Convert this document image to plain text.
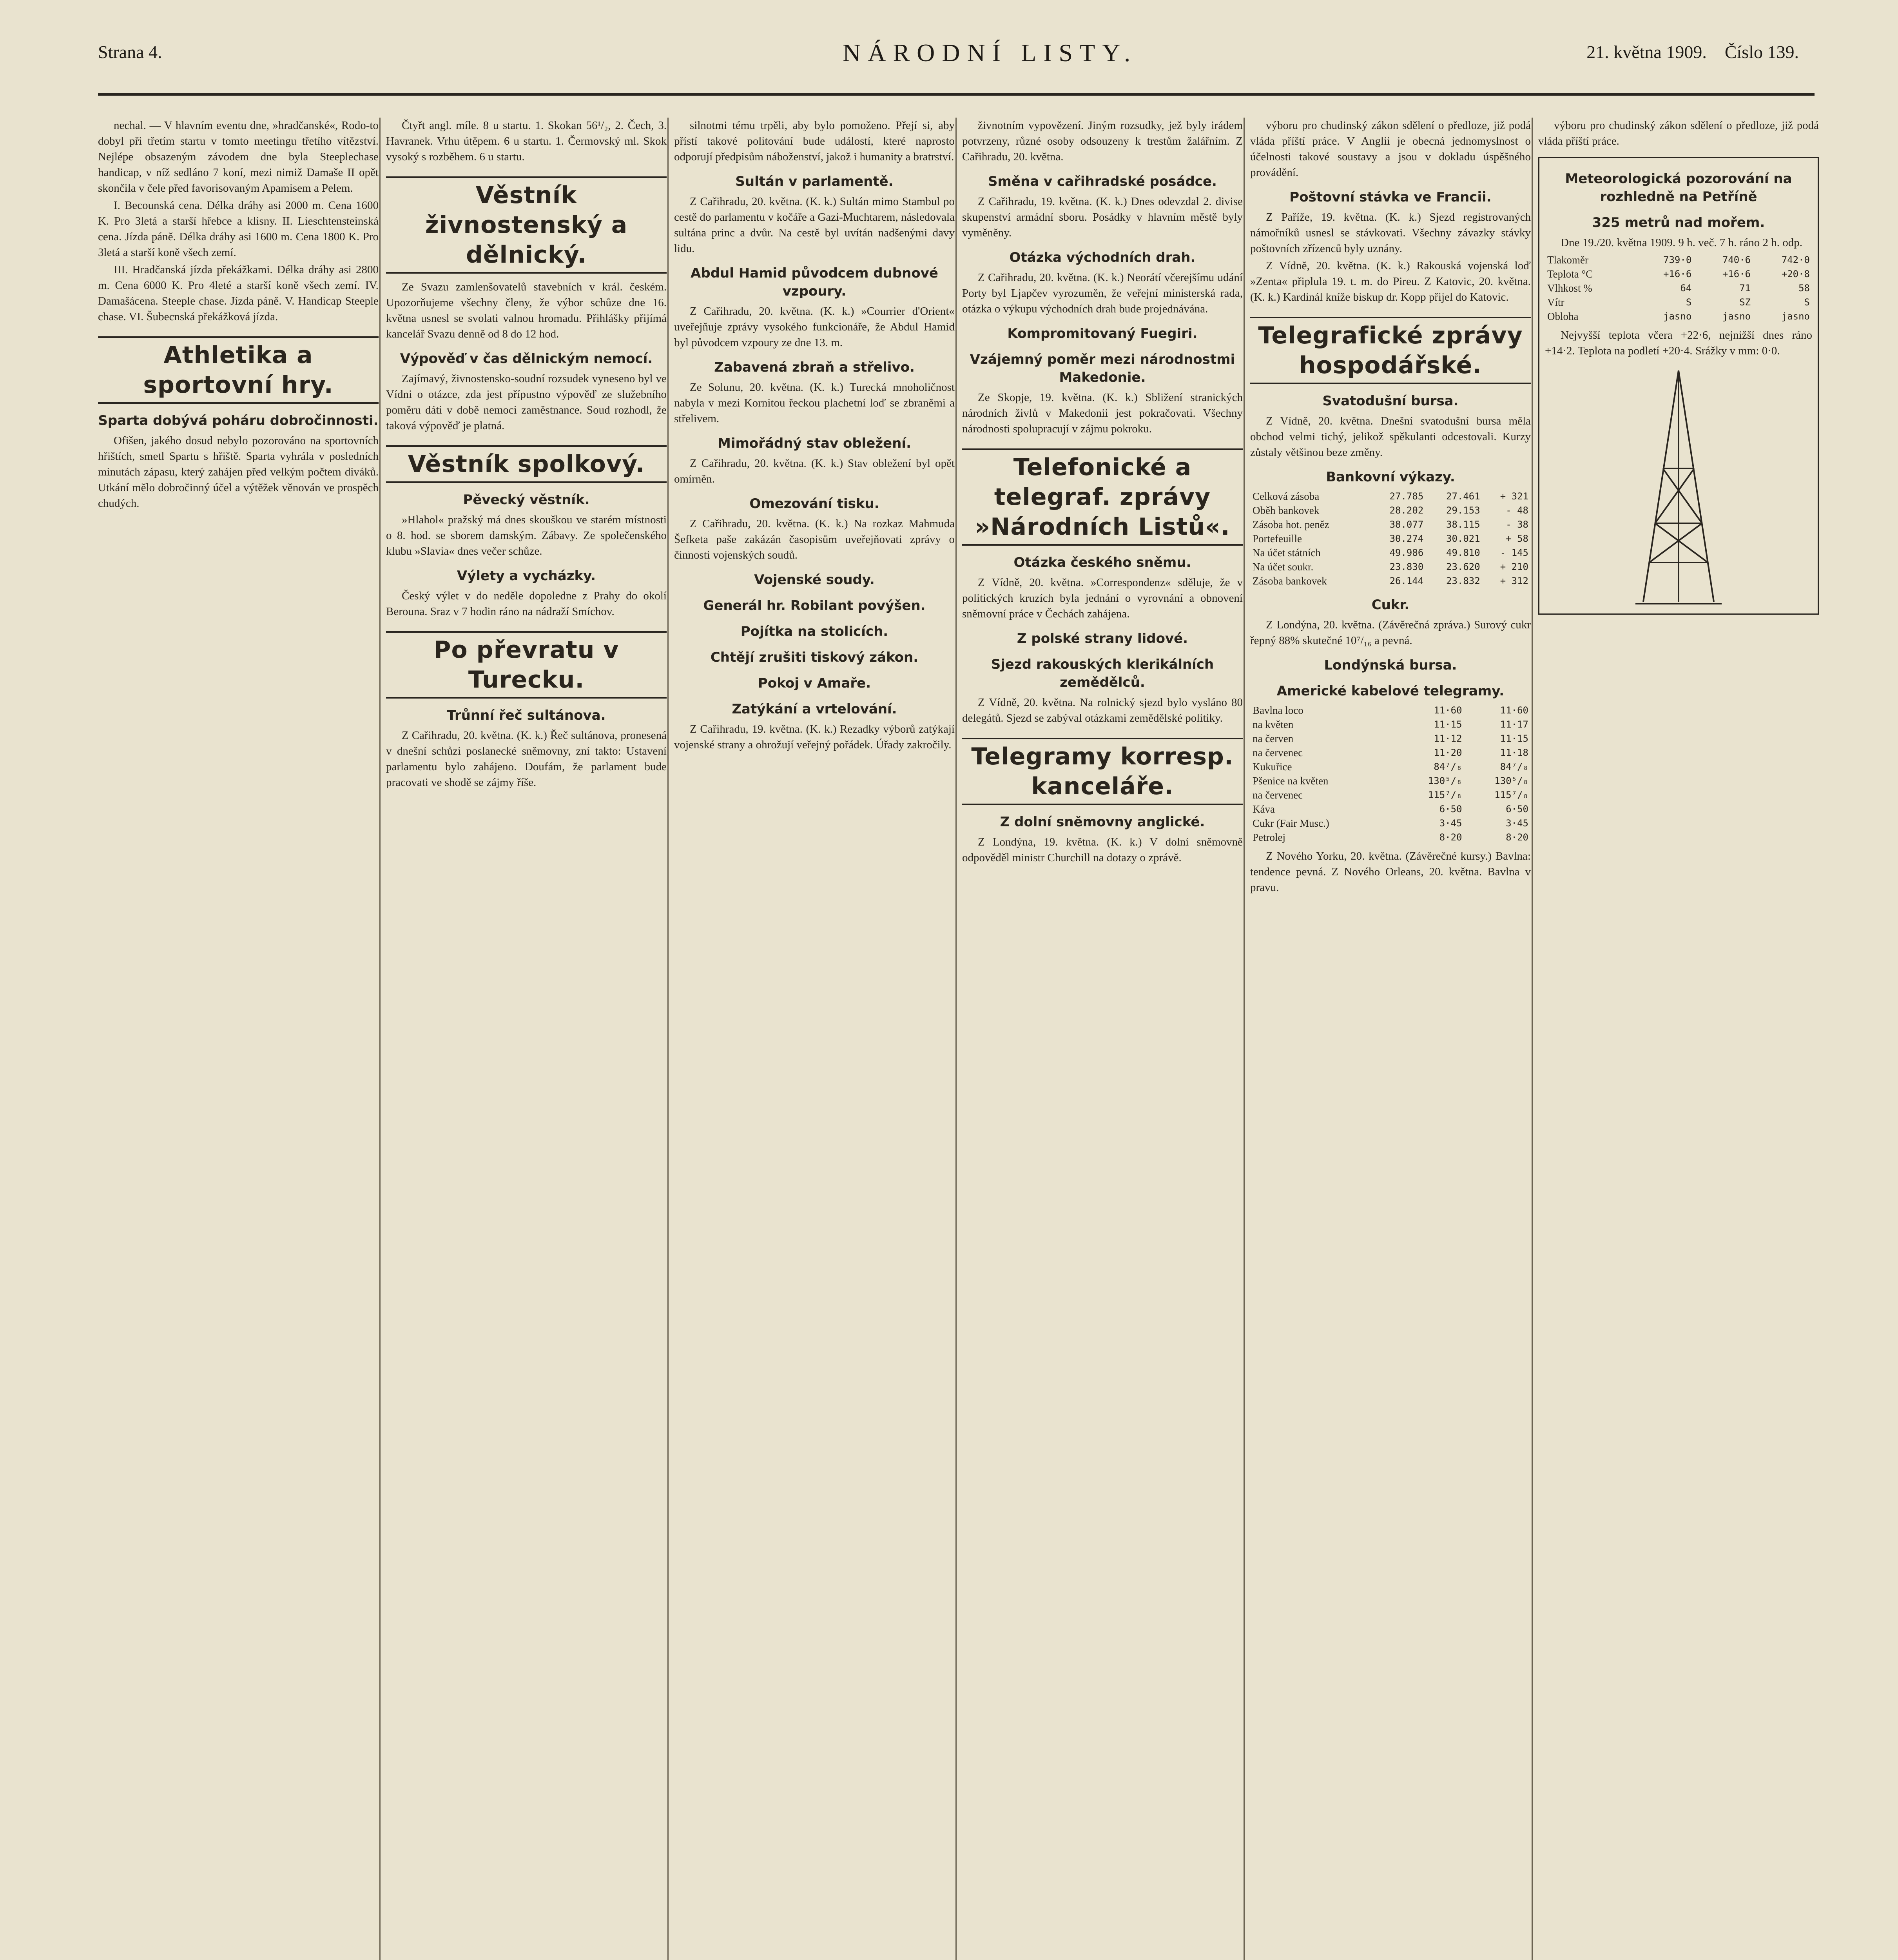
Strana 4.	NÁRODNÍ LISTY.	21. května 1909. Číslo 139.
nechal. — V hlavním eventu dne, »hradčanské«, Rodo-to dobyl při třetím startu v tomto meetingu třetího vítězství. Nejlépe obsazeným závodem dne byla Steeplechase handicap, v níž sedláno 7 koní, mezi nimiž Damaše II opět skončila v čele před favorisovaným Apamisem a Pelem.
I. Becounská cena. Délka dráhy asi 2000 m. Cena 1600 K. Pro 3letá a starší hřebce a klisny. II. Lieschtensteinská cena. Jízda páně. Délka dráhy asi 1600 m. Cena 1800 K. Pro 3letá a starší koně všech zemí.
III. Hradčanská jízda překážkami. Délka dráhy asi 2800 m. Cena 6000 K. Pro 4leté a starší koně všech zemí. IV. Damašácena. Steeple chase. Jízda páně. V. Handicap Steeple chase. VI. Šubecnská překážková jízda.
Athletika a sportovní hry.
Sparta dobývá poháru dobročinnosti.
Ofišen, jakého dosud nebylo pozorováno na sportovních hřištích, smetl Spartu s hřiště. Sparta vyhrála v posledních minutách zápasu, který zahájen před velkým počtem diváků. Utkání mělo dobročinný účel a výtěžek věnován ve prospěch chudých.
Čtyřt angl. míle. 8 u startu. 1. Skokan 56¹/₂, 2. Čech, 3. Havranek. Vrhu útěpem. 6 u startu. 1. Čermovský ml. Skok vysoký s rozběhem. 6 u startu.
Věstník živnostenský a dělnický.
Ze Svazu zamlenšovatelů stavebních v král. českém. Upozorňujeme všechny členy, že výbor schůze dne 16. května usnesl se svolati valnou hromadu. Přihlášky přijímá kancelář Svazu denně od 8 do 12 hod.
Výpověď v čas dělnickým nemocí.
Zajímavý, živnostensko-soudní rozsudek vyneseno byl ve Vídni o otázce, zda jest přípustno výpověď ze služebního poměru dáti v době nemoci zaměstnance. Soud rozhodl, že taková výpověď je platná.
Věstník spolkový.
Pěvecký věstník.
»Hlahol« pražský má dnes skouškou ve starém místnosti o 8. hod. se sborem damským. Zábavy. Ze společenského klubu »Slavia« dnes večer schůze.
Výlety a vycházky.
Český výlet v do neděle dopoledne z Prahy do okolí Berouna. Sraz v 7 hodin ráno na nádraží Smíchov.
Po převratu v Turecku.
Trůnní řeč sultánova.
Z Cařihradu, 20. května. (K. k.) Řeč sultánova, pronesená v dnešní schůzi poslanecké sněmovny, zní takto: Ustavení parlamentu bylo zahájeno. Doufám, že parlament bude pracovati ve shodě se zájmy říše.
silnotmi tému trpěli, aby bylo pomoženo. Přejí si, aby přístí takové politování bude událostí, které naprosto odporují předpisům náboženství, jakož i humanity a bratrství.
Sultán v parlamentě.
Z Cařihradu, 20. května. (K. k.) Sultán mimo Stambul po cestě do parlamentu v kočáře a Gazi-Muchtarem, následovala sultána princ a dvůr. Na cestě byl uvítán nadšenými davy lidu.
Abdul Hamid původcem dubnové vzpoury.
Z Cařihradu, 20. května. (K. k.) »Courrier d'Orient« uveřejňuje zprávy vysokého funkcionáře, že Abdul Hamid byl původcem vzpoury ze dne 13. m.
Zabavená zbraň a střelivo.
Ze Solunu, 20. května. (K. k.) Turecká mnoholičnost nabyla v mezi Kornitou řeckou plachetní loď se zbraněmi a střelivem.
Mimořádný stav obležení.
Z Cařihradu, 20. května. (K. k.) Stav obležení byl opět omírněn.
Omezování tisku.
Z Cařihradu, 20. května. (K. k.) Na rozkaz Mahmuda Šefketa paše zakázán časopisům uveřejňovati zprávy o činnosti vojenských soudů.
Vojenské soudy.
Generál hr. Robilant povýšen.
Pojítka na stolicích.
Chtějí zrušiti tiskový zákon.
Pokoj v Amaře.
Zatýkání a vrtelování.
Z Cařihradu, 19. května. (K. k.) Rezadky výborů zatýkají vojenské strany a ohrožují veřejný pořádek. Úřady zakročily.
živnotním vypovězení. Jiným rozsudky, jež byly irádem potvrzeny, různé osoby odsouzeny k trestům žalářním. Z Cařihradu, 20. května.
Směna v cařihradské posádce.
Z Cařihradu, 19. května. (K. k.) Dnes odevzdal 2. divise skupenství armádní sboru. Posádky v hlavním městě byly vyměněny.
Otázka východních drah.
Z Cařihradu, 20. května. (K. k.) Neorátí včerejšímu udání Porty byl Ljapčev vyrozuměn, že veřejní ministerská rada, otázka o výkupu východních drah bude projednávána.
Kompromitovaný Fuegiri.
Vzájemný poměr mezi národnostmi Makedonie.
Ze Skopje, 19. května. (K. k.) Sbližení stranických národních živlů v Makedonii jest pokračovati. Všechny národnosti spolupracují v zájmu pokroku.
Telefonické a telegraf. zprávy »Národních Listů«.
Otázka českého sněmu.
Z Vídně, 20. května. »Correspondenz« sděluje, že v politických kruzích byla jednání o vyrovnání a obnovení sněmovní práce v Čechách zahájena.
Z polské strany lidové.
Sjezd rakouských klerikálních zemědělců.
Z Vídně, 20. května. Na rolnický sjezd bylo vysláno 80 delegátů. Sjezd se zabýval otázkami zemědělské politiky.
Telegramy korresp. kanceláře.
Z dolní sněmovny anglické.
Z Londýna, 19. května. (K. k.) V dolní sněmovně odpověděl ministr Churchill na dotazy o zprávě.
výboru pro chudinský zákon sdělení o předloze, již podá vláda příští práce. V Anglii je obecná jednomyslnost o účelnosti takové soustavy a jsou v dokladu úspěšného provádění.
Poštovní stávka ve Francii.
Z Paříže, 19. května. (K. k.) Sjezd registrovaných námořníků usnesl se stávkovati. Všechny závazky stávky poštovních zřízenců byly uznány.
Z Vídně, 20. května. (K. k.) Rakouská vojenská loď »Zenta« připlula 19. t. m. do Pireu. Z Katovic, 20. května. (K. k.) Kardinál kníže biskup dr. Kopp přijel do Katovic.
Telegrafické zprávy hospodářské.
Svatodušní bursa.
Z Vídně, 20. května. Dnešní svatodušní bursa měla obchod velmi tichý, jelikož spěkulanti odcestovali. Kurzy zůstaly většinou beze změny.
Bankovní výkazy.
Celková zásoba	27.785	27.461	+ 321
Oběh bankovek	28.202	29.153	- 48
Zásoba hot. peněz	38.077	38.115	- 38
Portefeuille	30.274	30.021	+ 58
Na účet státních	49.986	49.810	- 145
Na účet soukr.	23.830	23.620	+ 210
Zásoba bankovek	26.144	23.832	+ 312
Cukr.
Z Londýna, 20. května. (Závěrečná zpráva.) Surový cukr řepný 88% skutečné 10⁷/₁₆ a pevná.
Londýnská bursa.
Americké kabelové telegramy.
Bavlna loco		11·60	11·60
na květen		11·15	11·17
na červen		11·12	11·15
na červenec		11·20	11·18
Kukuřice		84⁷/₈	84⁷/₈
Pšenice na květen		130⁵/₈	130⁵/₈
na červenec		115⁷/₈	115⁷/₈
Káva		6·50	6·50
Cukr (Fair Musc.)		3·45	3·45
Petrolej		8·20	8·20
Z Nového Yorku, 20. května. (Závěrečné kursy.) Bavlna: tendence pevná. Z Nového Orleans, 20. května. Bavlna v pravu.
výboru pro chudinský zákon sdělení o předloze, již podá vláda příští práce.
Meteorologická pozorování na rozhledně na Petříně
325 metrů nad mořem.
Dne 19./20. května 1909. 9 h. več. 7 h. ráno 2 h. odp.
Tlakoměr	739·0	740·6	742·0
Teplota °C	+16·6	+16·6	+20·8
Vlhkost %	64	71	58
Vítr	S	SZ	S
Obloha	jasno	jasno	jasno
Nejvyšší teplota včera +22·6, nejnižší dnes ráno +14·2. Teplota na podletí +20·4. Srážky v mm: 0·0.
